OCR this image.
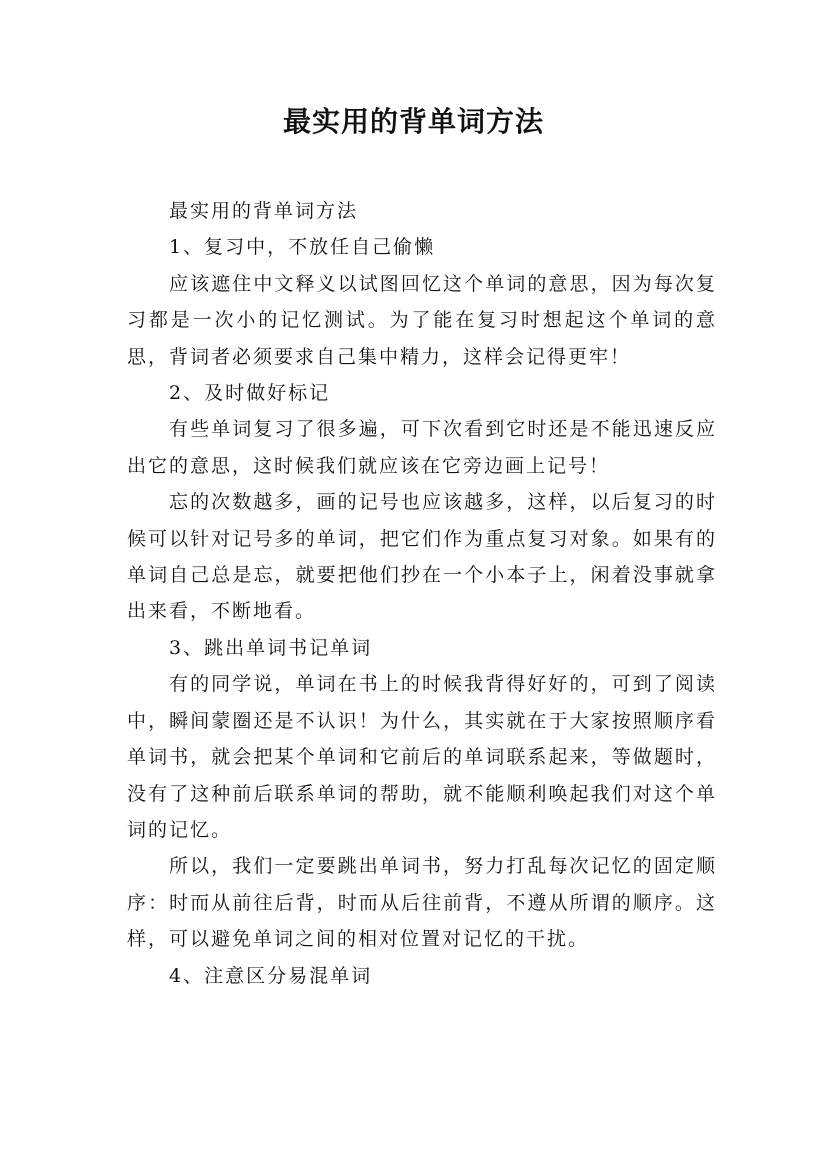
最实用的背单词方法

最实用的背单词方法

1、复习中，不放任自己偷懒

应该遮住中文释义以试图回忆这个单词的意思，因为每次复习都是一次小的记忆测试。为了能在复习时想起这个单词的意思，背词者必须要求自己集中精力，这样会记得更牢！

2、及时做好标记

有些单词复习了很多遍，可下次看到它时还是不能迅速反应出它的意思，这时候我们就应该在它旁边画上记号！

忘的次数越多，画的记号也应该越多，这样，以后复习的时候可以针对记号多的单词，把它们作为重点复习对象。如果有的单词自己总是忘，就要把他们抄在一个小本子上，闲着没事就拿出来看，不断地看。

3、跳出单词书记单词

有的同学说，单词在书上的时候我背得好好的，可到了阅读中，瞬间蒙圈还是不认识！为什么，其实就在于大家按照顺序看单词书，就会把某个单词和它前后的单词联系起来，等做题时，没有了这种前后联系单词的帮助，就不能顺利唤起我们对这个单词的记忆。

所以，我们一定要跳出单词书，努力打乱每次记忆的固定顺序：时而从前往后背，时而从后往前背，不遵从所谓的顺序。这样，可以避免单词之间的相对位置对记忆的干扰。

4、注意区分易混单词
